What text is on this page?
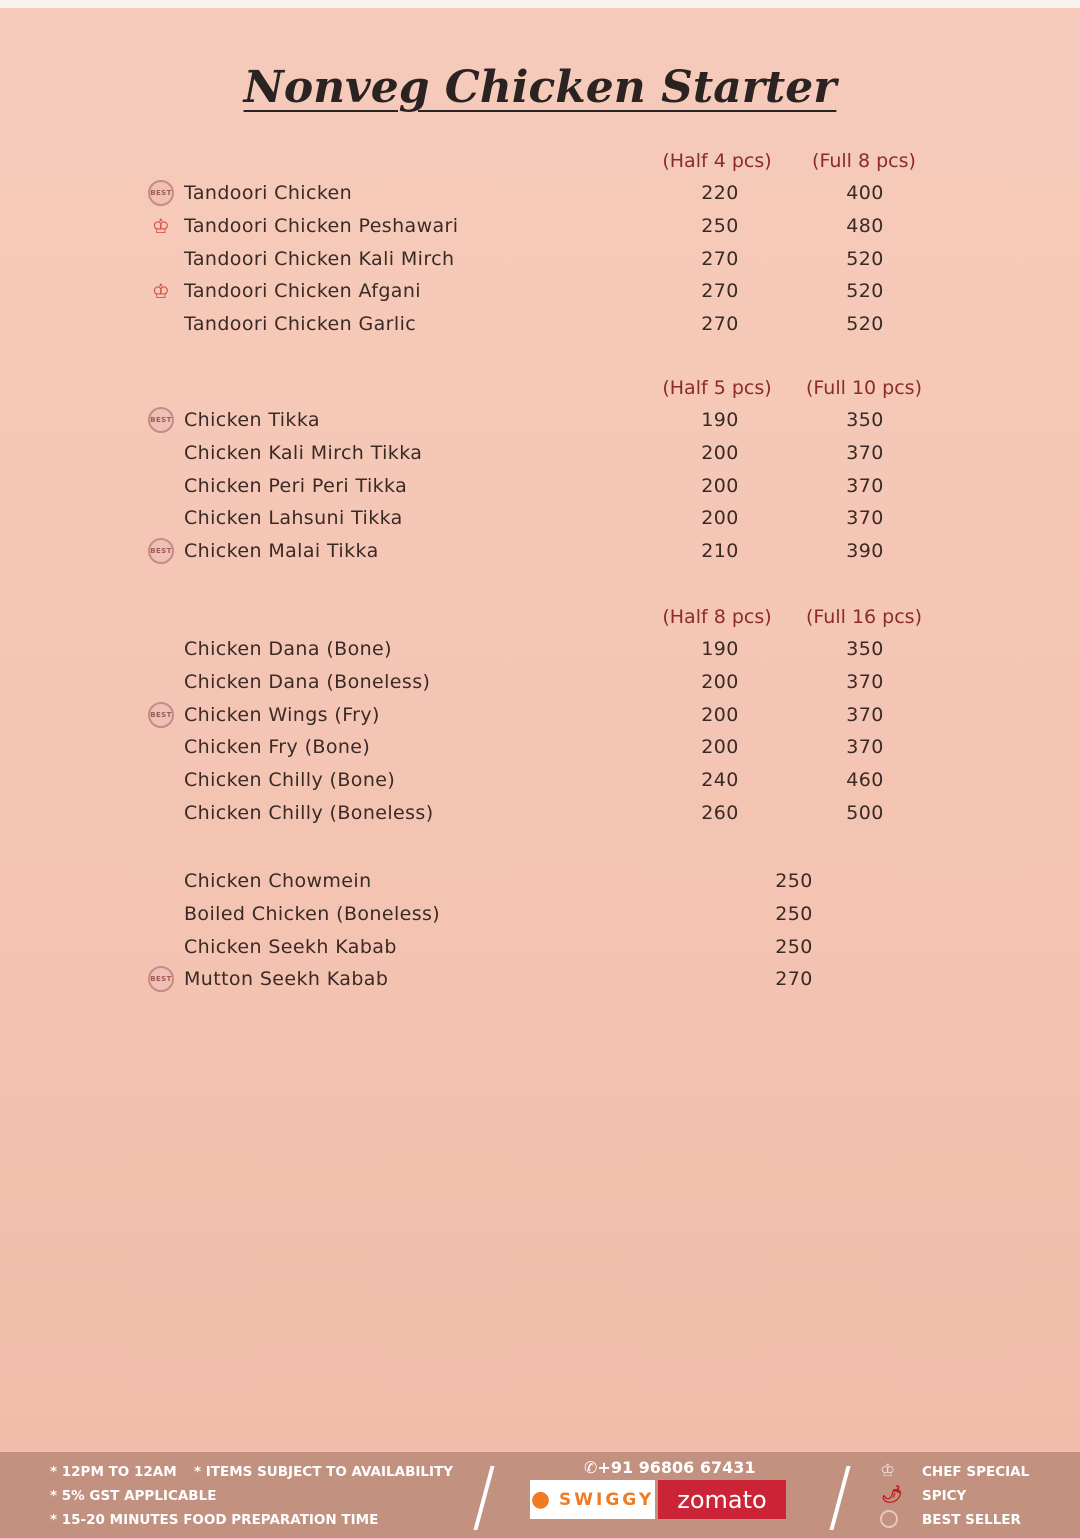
Nonveg Chicken Starter
(Half 4 pcs) (Full 8 pcs)
BEST Tandoori Chicken	220	400
♔ Tandoori Chicken Peshawari	250	480
Tandoori Chicken Kali Mirch	270	520
♔ Tandoori Chicken Afgani	270	520
Tandoori Chicken Garlic	270	520
(Half 5 pcs) (Full 10 pcs)
BEST Chicken Tikka	190	350
Chicken Kali Mirch Tikka	200	370
Chicken Peri Peri Tikka	200	370
Chicken Lahsuni Tikka	200	370
BEST Chicken Malai Tikka	210	390
(Half 8 pcs) (Full 16 pcs)
Chicken Dana (Bone)	190	350
Chicken Dana (Boneless)	200	370
BEST Chicken Wings (Fry)	200	370
Chicken Fry (Bone)	200	370
Chicken Chilly (Bone)	240	460
Chicken Chilly (Boneless)	260	500
Chicken Chowmein	250
Boiled Chicken (Boneless)	250
Chicken Seekh Kabab	250
BEST Mutton Seekh Kabab	270
* 12PM TO 12AM * ITEMS SUBJECT TO AVAILABILITY
* 5% GST APPLICABLE
* 15-20 MINUTES FOOD PREPARATION TIME
✆+91 96806 67431
● SWIGGY zomato
♔ CHEF SPECIAL
🌶 SPICY
BEST SELLER
